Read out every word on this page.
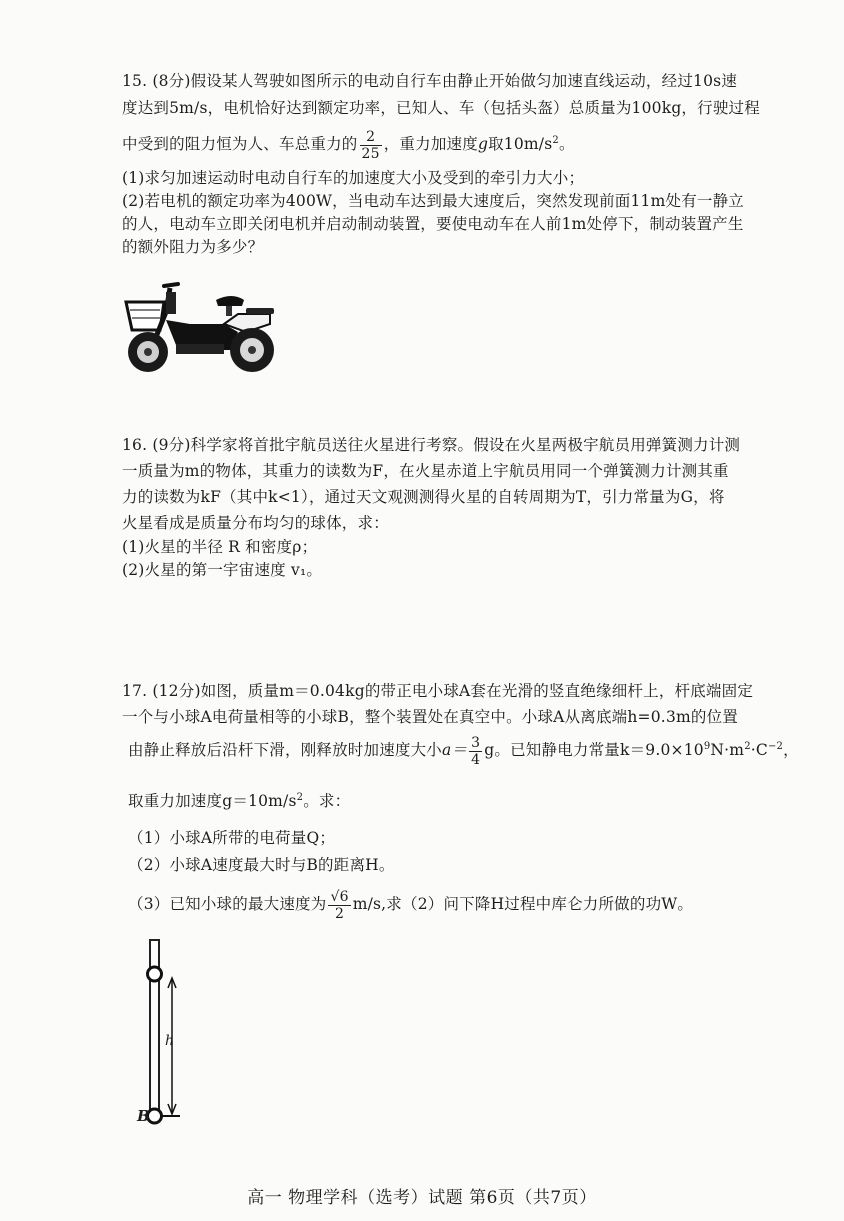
15. (8分)假设某人驾驶如图所示的电动自行车由静止开始做匀加速直线运动，经过10s速
度达到5m/s，电机恰好达到额定功率，已知人、车（包括头盔）总质量为100kg，行驶过程
中受到的阻力恒为人、车总重力的 $\frac{2}{25}$ ，重力加速度g取$10m/s^2$。
(1)求匀加速运动时电动自行车的加速度大小及受到的牵引力大小；
(2)若电机的额定功率为400W，当电动车达到最大速度后，突然发现前面11m处有一静立
的人，电动车立即关闭电机并启动制动装置，要使电动车在人前1m处停下，制动装置产生
的额外阻力为多少？
16. (9分)科学家将首批宇航员送往火星进行考察。假设在火星两极宇航员用弹簧测力计测
一质量为m的物体，其重力的读数为F，在火星赤道上宇航员用同一个弹簧测力计测其重
力的读数为kF（其中k<1），通过天文观测测得火星的自转周期为T，引力常量为G，将
火星看成是质量分布均匀的球体，求：
(1)火星的半径 R 和密度ρ；
(2)火星的第一宇宙速度 v₁。
17. (12分)如图，质量m＝0.04kg的带正电小球A套在光滑的竖直绝缘细杆上，杆底端固定
一个与小球A电荷量相等的小球B，整个装置处在真空中。小球A从离底端h=0.3m的位置
由静止释放后沿杆下滑，刚释放时加速度大小$a= \frac{3}{4}$ g。已知静电力常量$k=9.0\times 10^9N\cdot m^2\cdot C^{-2}$，
取重力加速度$g=10m/s^2$。求：
（1）小球A所带的电荷量Q；
（2）小球A速度最大时与B的距离H。
（3）已知小球的最大速度为 $\frac{√6}{2} m/s$,求（2）问下降H过程中库仑力所做的功W。
h
B
高一 物理学科（选考）试题 第6页（共7页）
